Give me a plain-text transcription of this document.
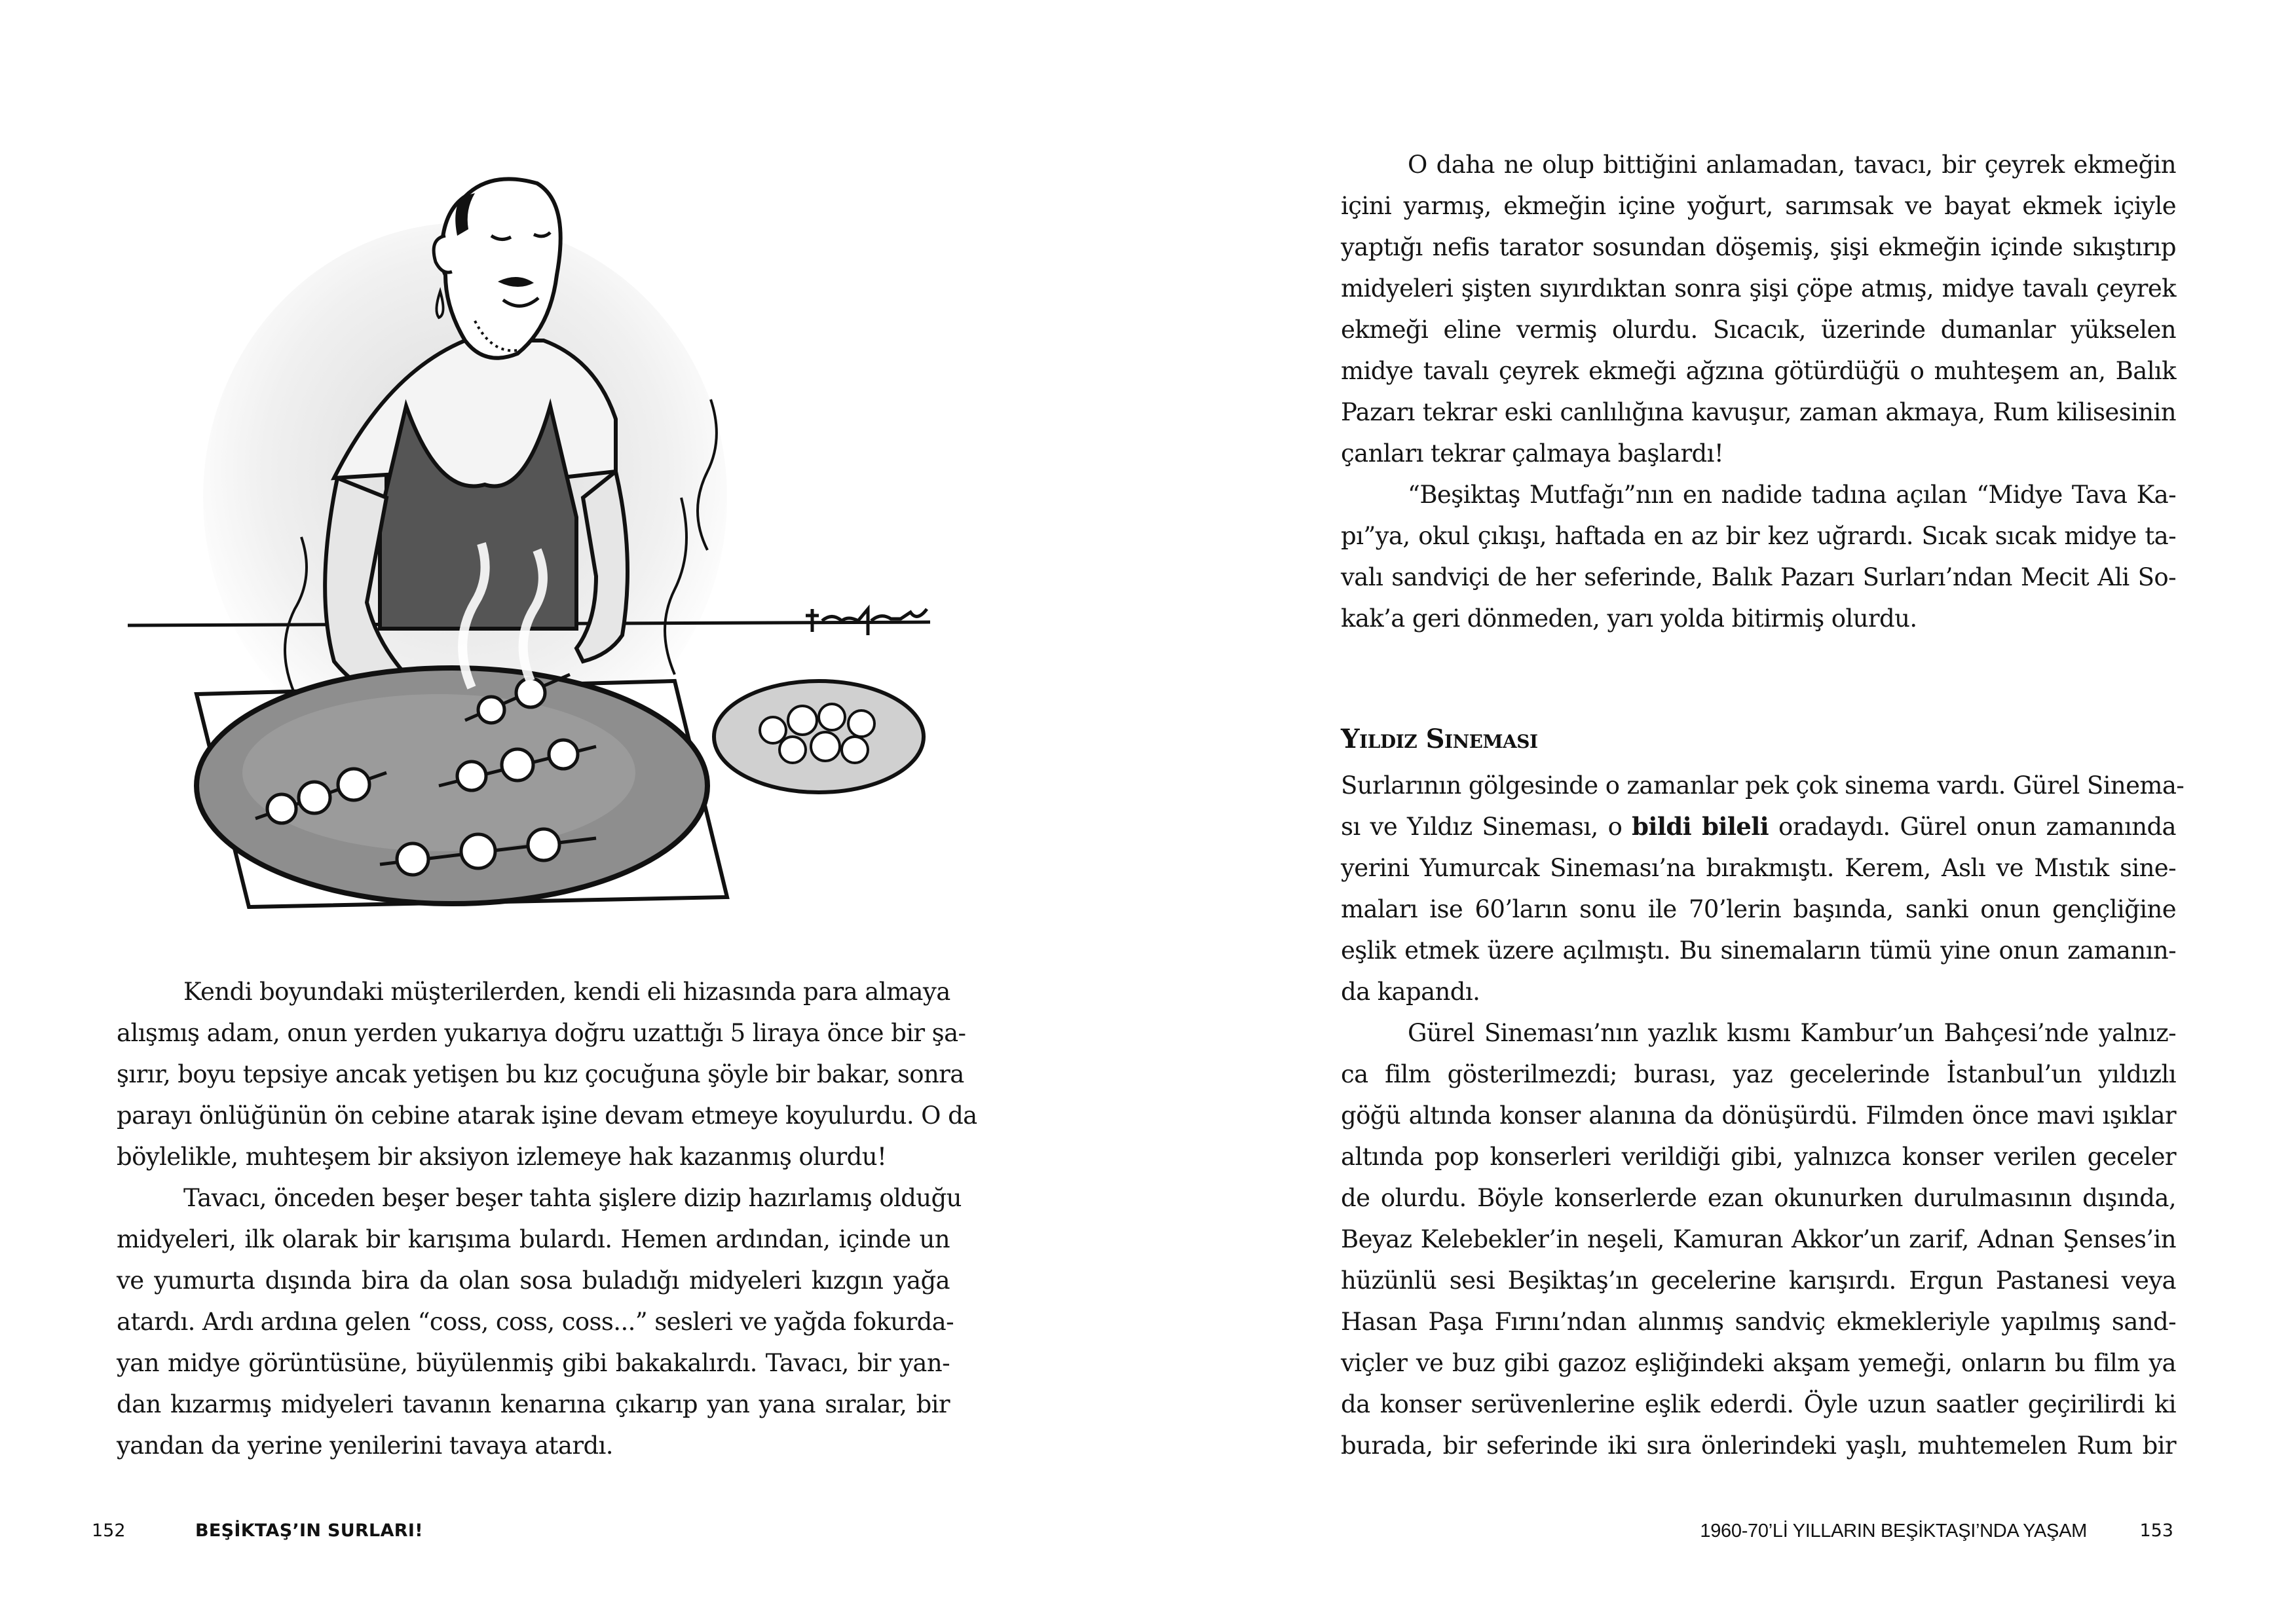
Kendi boyundaki müşterilerden, kendi eli hizasında para almaya
alışmış adam, onun yerden yukarıya doğru uzattığı 5 liraya önce bir şa-
şırır, boyu tepsiye ancak yetişen bu kız çocuğuna şöyle bir bakar, sonra
parayı önlüğünün ön cebine atarak işine devam etmeye koyulurdu. O da
böylelikle, muhteşem bir aksiyon izlemeye hak kazanmış olurdu!
Tavacı, önceden beşer beşer tahta şişlere dizip hazırlamış olduğu
midyeleri, ilk olarak bir karışıma bulardı. Hemen ardından, içinde un
ve yumurta dışında bira da olan sosa buladığı midyeleri kızgın yağa
atardı. Ardı ardına gelen “coss, coss, coss...” sesleri ve yağda fokurda-
yan midye görüntüsüne, büyülenmiş gibi bakakalırdı. Tavacı, bir yan-
dan kızarmış midyeleri tavanın kenarına çıkarıp yan yana sıralar, bir
yandan da yerine yenilerini tavaya atardı.
152	BEŞİKTAŞ’IN SURLARI!
O daha ne olup bittiğini anlamadan, tavacı, bir çeyrek ekmeğin
içini yarmış, ekmeğin içine yoğurt, sarımsak ve bayat ekmek içiyle
yaptığı nefis tarator sosundan döşemiş, şişi ekmeğin içinde sıkıştırıp
midyeleri şişten sıyırdıktan sonra şişi çöpe atmış, midye tavalı çeyrek
ekmeği eline vermiş olurdu. Sıcacık, üzerinde dumanlar yükselen
midye tavalı çeyrek ekmeği ağzına götürdüğü o muhteşem an, Balık
Pazarı tekrar eski canlılığına kavuşur, zaman akmaya, Rum kilisesinin
çanları tekrar çalmaya başlardı!
“Beşiktaş Mutfağı”nın en nadide tadına açılan “Midye Tava Ka-
pı”ya, okul çıkışı, haftada en az bir kez uğrardı. Sıcak sıcak midye ta-
valı sandviçi de her seferinde, Balık Pazarı Surları’ndan Mecit Ali So-
kak’a geri dönmeden, yarı yolda bitirmiş olurdu.
Yıldız Sineması
Surlarının gölgesinde o zamanlar pek çok sinema vardı. Gürel Sinema-
sı ve Yıldız Sineması, o bildi bileli oradaydı. Gürel onun zamanında
yerini Yumurcak Sineması’na bırakmıştı. Kerem, Aslı ve Mıstık sine-
maları ise 60’ların sonu ile 70’lerin başında, sanki onun gençliğine
eşlik etmek üzere açılmıştı. Bu sinemaların tümü yine onun zamanın-
da kapandı.
Gürel Sineması’nın yazlık kısmı Kambur’un Bahçesi’nde yalnız-
ca film gösterilmezdi; burası, yaz gecelerinde İstanbul’un yıldızlı
göğü altında konser alanına da dönüşürdü. Filmden önce mavi ışıklar
altında pop konserleri verildiği gibi, yalnızca konser verilen geceler
de olurdu. Böyle konserlerde ezan okunurken durulmasının dışında,
Beyaz Kelebekler’in neşeli, Kamuran Akkor’un zarif, Adnan Şenses’in
hüzünlü sesi Beşiktaş’ın gecelerine karışırdı. Ergun Pastanesi veya
Hasan Paşa Fırını’ndan alınmış sandviç ekmekleriyle yapılmış sand-
viçler ve buz gibi gazoz eşliğindeki akşam yemeği, onların bu film ya
da konser serüvenlerine eşlik ederdi. Öyle uzun saatler geçirilirdi ki
burada, bir seferinde iki sıra önlerindeki yaşlı, muhtemelen Rum bir
1960-70’Lİ YILLARIN BEŞİKTAŞI’NDA YAŞAM	153
